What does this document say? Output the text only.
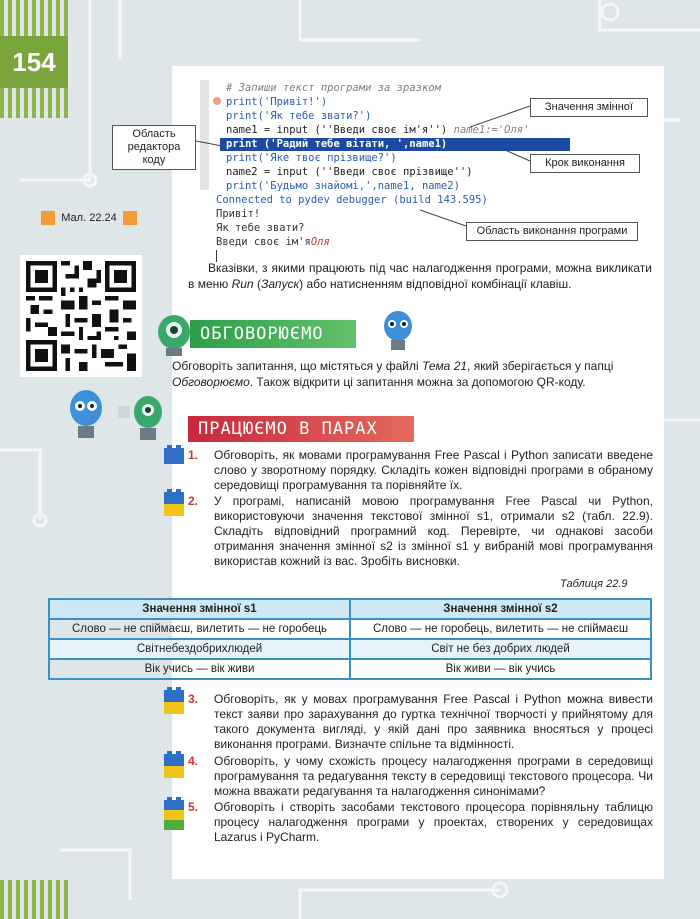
154
# Запиши текст програми за зразком
print('Привіт!')
print('Як тебе звати?')
name1 = input (''Введи своє ім'я'') name1:='Оля'
print ('Радий тебе вітати, ',name1)
print('Яке твоє прізвище?')
name2 = input (''Введи своє прізвище'')
print('Будьмо знайомі,',name1, name2)
Connected to pydev debugger (build 143.595)
Привіт!
Як тебе звати?
Введи своє ім'яОля
Область редактора коду
Значення змінної
Крок виконання
Область виконання програми
Мал. 22.24
Вказівки, з якими працюють під час налагодження програми, можна викликати в меню Run (Запуск) або натисненням відповідної комбінації клавіш.
ОБГОВОРЮЄМО
Обговоріть запитання, що містяться у файлі Тема 21, який зберігається у папці Обговорюємо. Також відкрити ці запитання можна за допомогою QR-коду.
ПРАЦЮЄМО В ПАРАХ
1. Обговоріть, як мовами програмування Free Pascal і Python записати введене слово у зворотному порядку. Складіть кожен відповідні програми в обраному середовищі програмування та порівняйте їх.
2. У програмі, написаній мовою програмування Free Pascal чи Python, використовуючи значення текстової змінної s1, отримали s2 (табл. 22.9). Складіть відповідний програмний код. Перевірте, чи однакові засоби отримання значення змінної s2 із змінної s1 у вибраній мові програмування використав кожний із вас. Зробіть висновки.
Таблиця 22.9
Значення змінної s1	Значення змінної s2
Слово — не спіймаєш, вилетить — не горобець	Слово — не горобець, вилетить — не спіймаєш
Світнебездобрихлюдей	Світ не без добрих людей
Вік учись — вік живи	Вік живи — вік учись
3. Обговоріть, як у мовах програмування Free Pascal і Python можна вивести текст заяви про зарахування до гуртка технічної творчості у прийнятому для такого документа вигляді, у якій дані про заявника вносяться у процесі виконання програми. Визначте спільне та відмінності.
4. Обговоріть, у чому схожість процесу налагодження програми в середовищі програмування та редагування тексту в середовищі текстового процесора. Чи можна вважати редагування та налагодження синонімами?
5. Обговоріть і створіть засобами текстового процесора порівняльну таблицю процесу налагодження програми у проектах, створених у середовищах Lazarus і PyCharm.
